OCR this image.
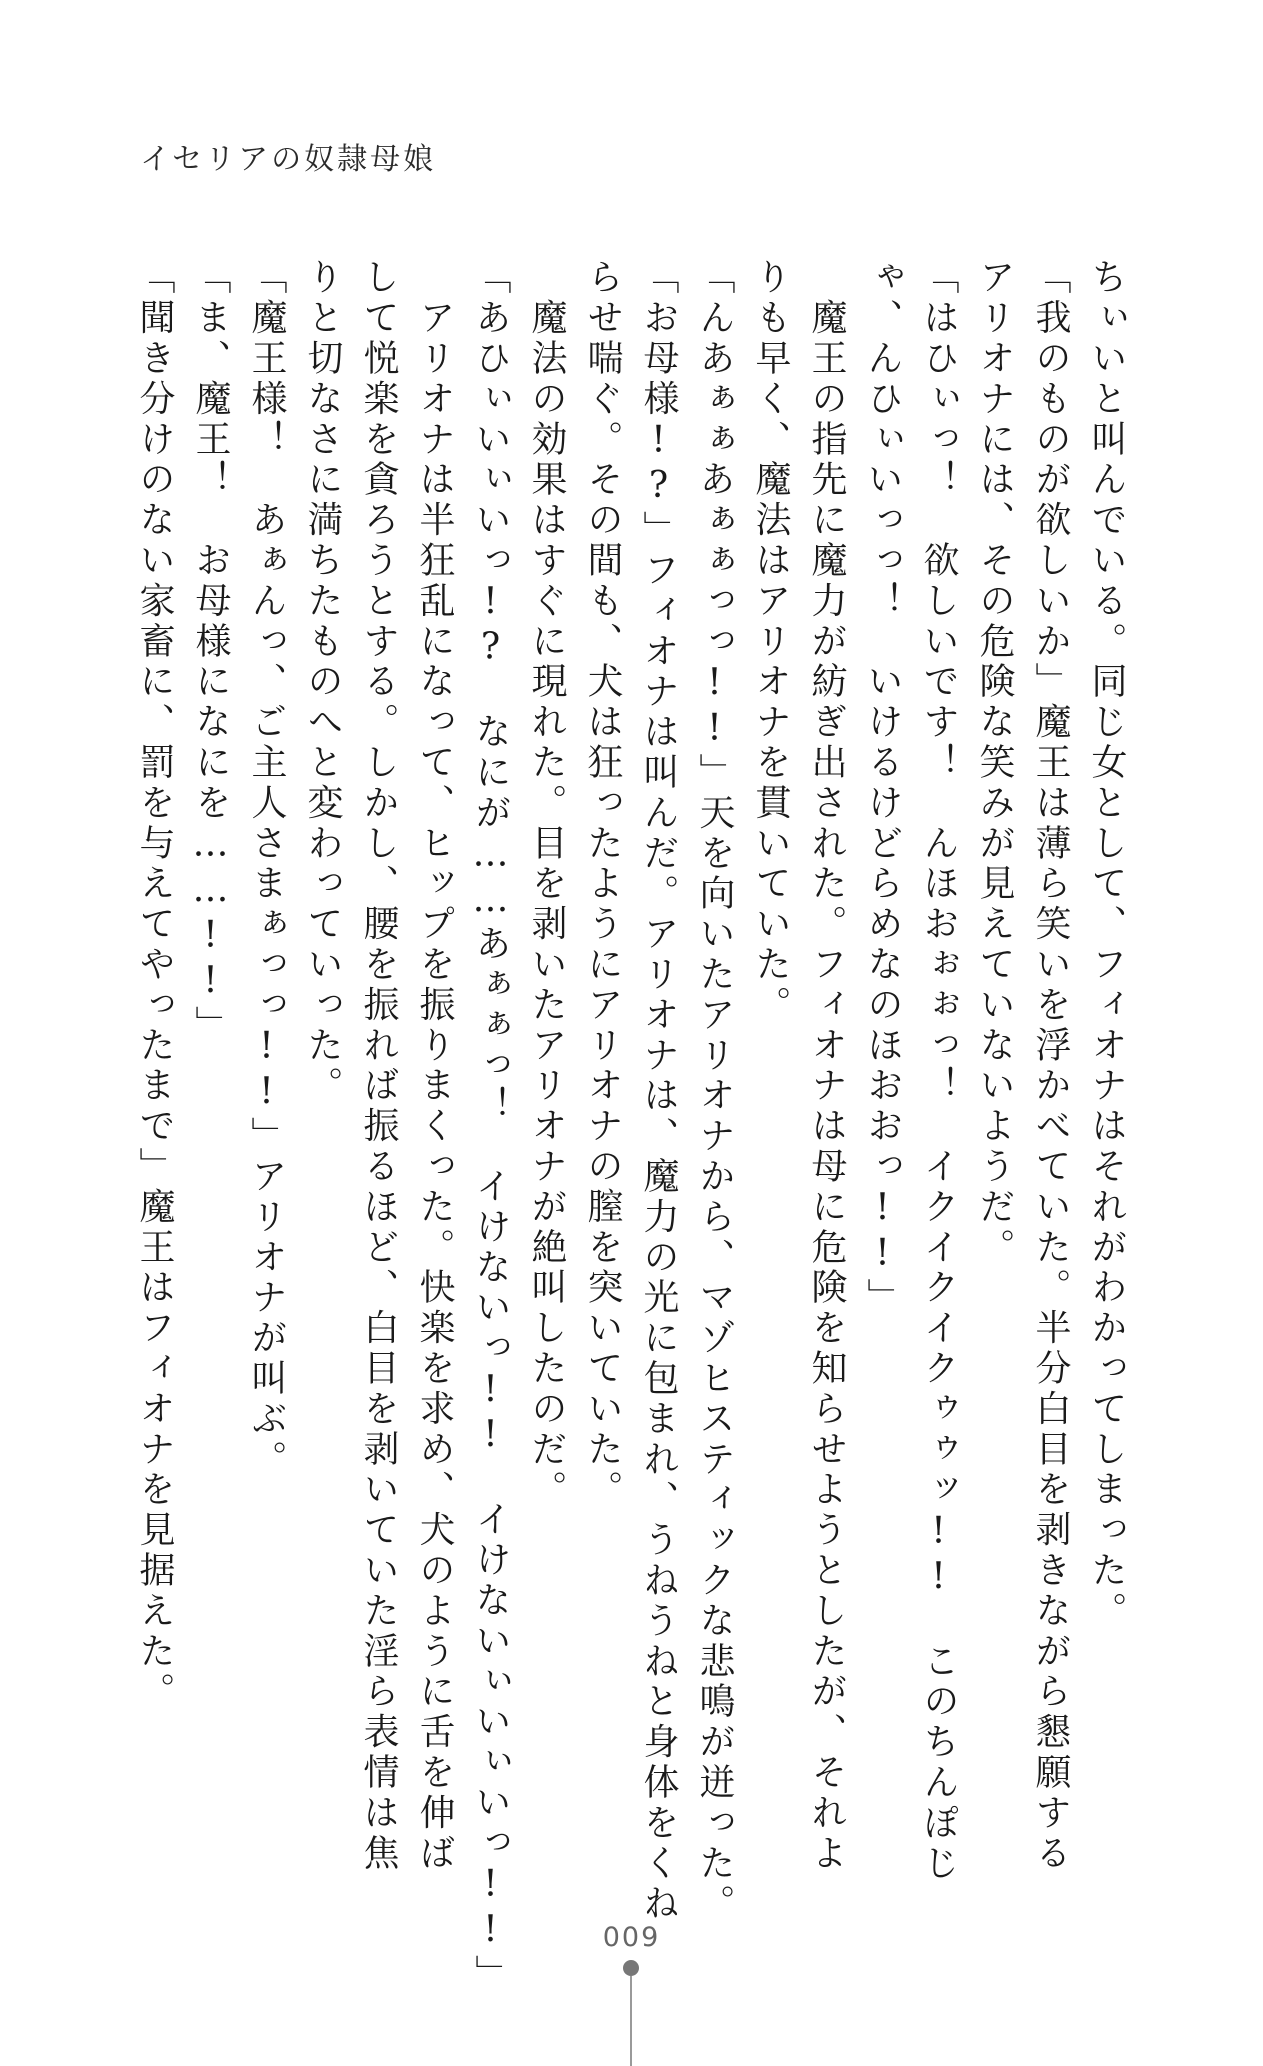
イセリアの奴隷母娘
ちぃいと叫んでいる。同じ女として、フィオナはそれがわかってしまった。
「我のものが欲しいか」魔王は薄ら笑いを浮かべていた。半分白目を剥きながら懇願する
アリオナには、その危険な笑みが見えていないようだ。
「はひぃっ！　欲しいです！　んほおぉぉっ！　イクイクイクゥゥッ!!　このちんぽじ
ゃ、んひぃいっっ！　いけるけどらめなのほおおっ!!」
　魔王の指先に魔力が紡ぎ出された。フィオナは母に危険を知らせようとしたが、それよ
りも早く、魔法はアリオナを貫いていた。
「んあぁぁあぁぁっっ!!」天を向いたアリオナから、マゾヒスティックな悲鳴が迸った。
「お母様!?」フィオナは叫んだ。アリオナは、魔力の光に包まれ、うねうねと身体をくね
らせ喘ぐ。その間も、犬は狂ったようにアリオナの膣を突いていた。
　魔法の効果はすぐに現れた。目を剥いたアリオナが絶叫したのだ。
「あひぃいぃいっ!?　なにが……あぁぁっ！　イけないっ!!　イけないぃいぃいっ!!」
　アリオナは半狂乱になって、ヒップを振りまくった。快楽を求め、犬のように舌を伸ば
して悦楽を貪ろうとする。しかし、腰を振れば振るほど、白目を剥いていた淫ら表情は焦
りと切なさに満ちたものへと変わっていった。
「魔王様！　あぁんっ、ご主人さまぁっっ!!」アリオナが叫ぶ。
「ま、魔王！　お母様になにを……!!」
「聞き分けのない家畜に、罰を与えてやったまで」魔王はフィオナを見据えた。
009
